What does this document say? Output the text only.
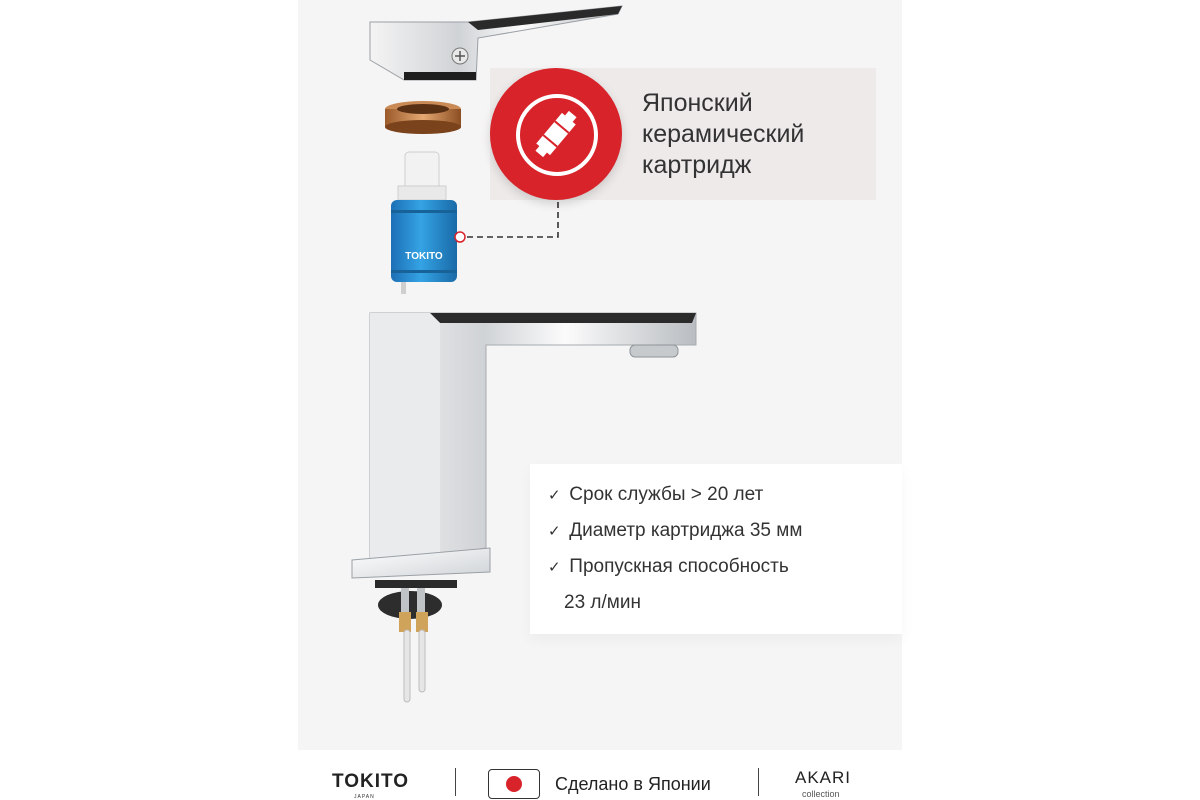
TOKITO
Японский
керамический
картридж
✓ Срок службы > 20 лет
✓ Диаметр картриджа 35 мм
✓ Пропускная способность
23 л/мин
TOKITO
JAPAN
Сделано в Японии	AKARI
collection
